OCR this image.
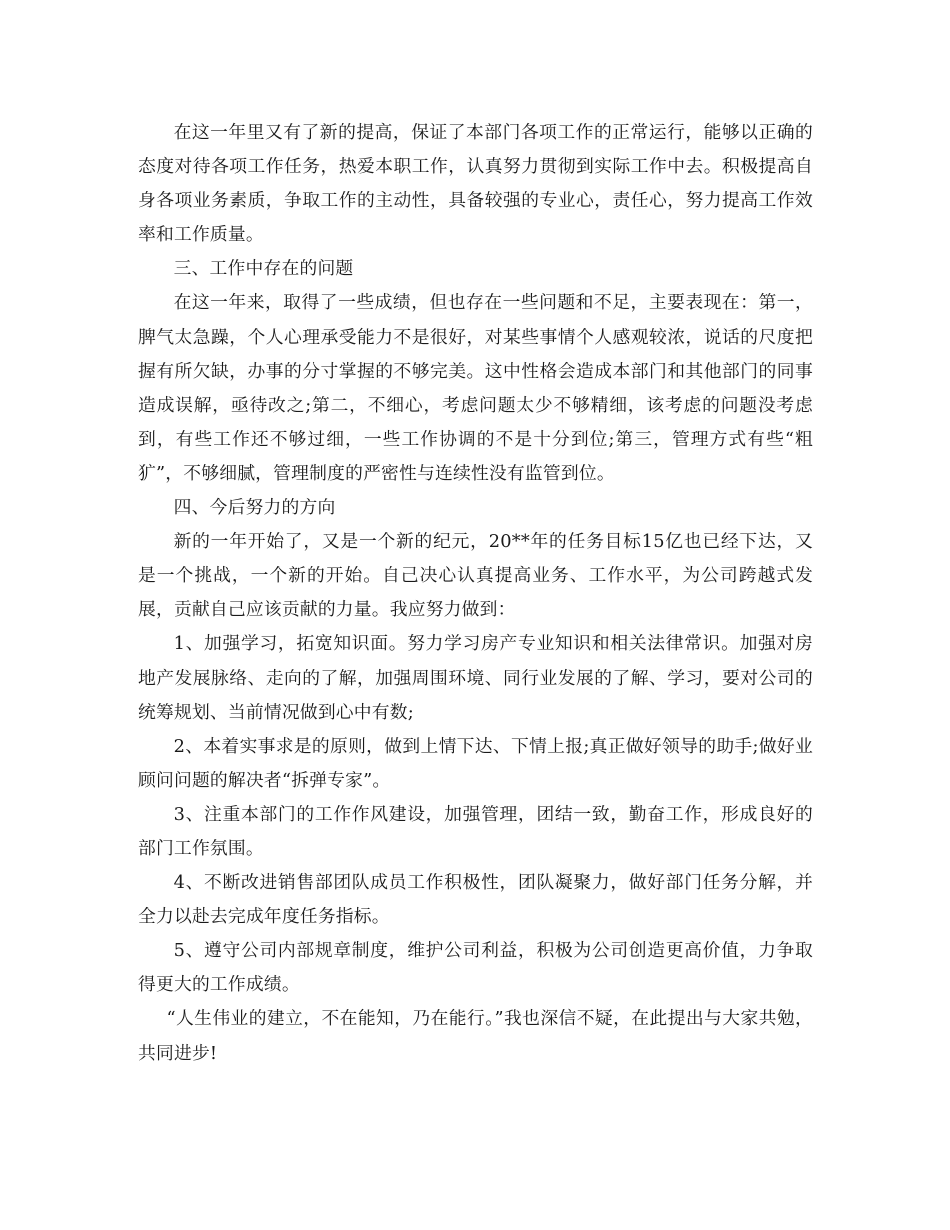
在这一年里又有了新的提高，保证了本部门各项工作的正常运行，能够以正确的态度对待各项工作任务，热爱本职工作，认真努力贯彻到实际工作中去。积极提高自身各项业务素质，争取工作的主动性，具备较强的专业心，责任心，努力提高工作效率和工作质量。

三、工作中存在的问题

在这一年来，取得了一些成绩，但也存在一些问题和不足，主要表现在：第一，脾气太急躁，个人心理承受能力不是很好，对某些事情个人感观较浓，说话的尺度把握有所欠缺，办事的分寸掌握的不够完美。这中性格会造成本部门和其他部门的同事造成误解，亟待改之;第二，不细心，考虑问题太少不够精细，该考虑的问题没考虑到，有些工作还不够过细，一些工作协调的不是十分到位;第三，管理方式有些“粗犷”，不够细腻，管理制度的严密性与连续性没有监管到位。

四、今后努力的方向

新的一年开始了，又是一个新的纪元，20**年的任务目标15亿也已经下达，又是一个挑战，一个新的开始。自己决心认真提高业务、工作水平，为公司跨越式发展，贡献自己应该贡献的力量。我应努力做到：

1、加强学习，拓宽知识面。努力学习房产专业知识和相关法律常识。加强对房地产发展脉络、走向的了解，加强周围环境、同行业发展的了解、学习，要对公司的统筹规划、当前情况做到心中有数;

2、本着实事求是的原则，做到上情下达、下情上报;真正做好领导的助手;做好业顾问问题的解决者“拆弹专家”。

3、注重本部门的工作作风建设，加强管理，团结一致，勤奋工作，形成良好的部门工作氛围。

4、不断改进销售部团队成员工作积极性，团队凝聚力，做好部门任务分解，并全力以赴去完成年度任务指标。

5、遵守公司内部规章制度，维护公司利益，积极为公司创造更高价值，力争取得更大的工作成绩。

“人生伟业的建立，不在能知，乃在能行。”我也深信不疑，在此提出与大家共勉，共同进步!
